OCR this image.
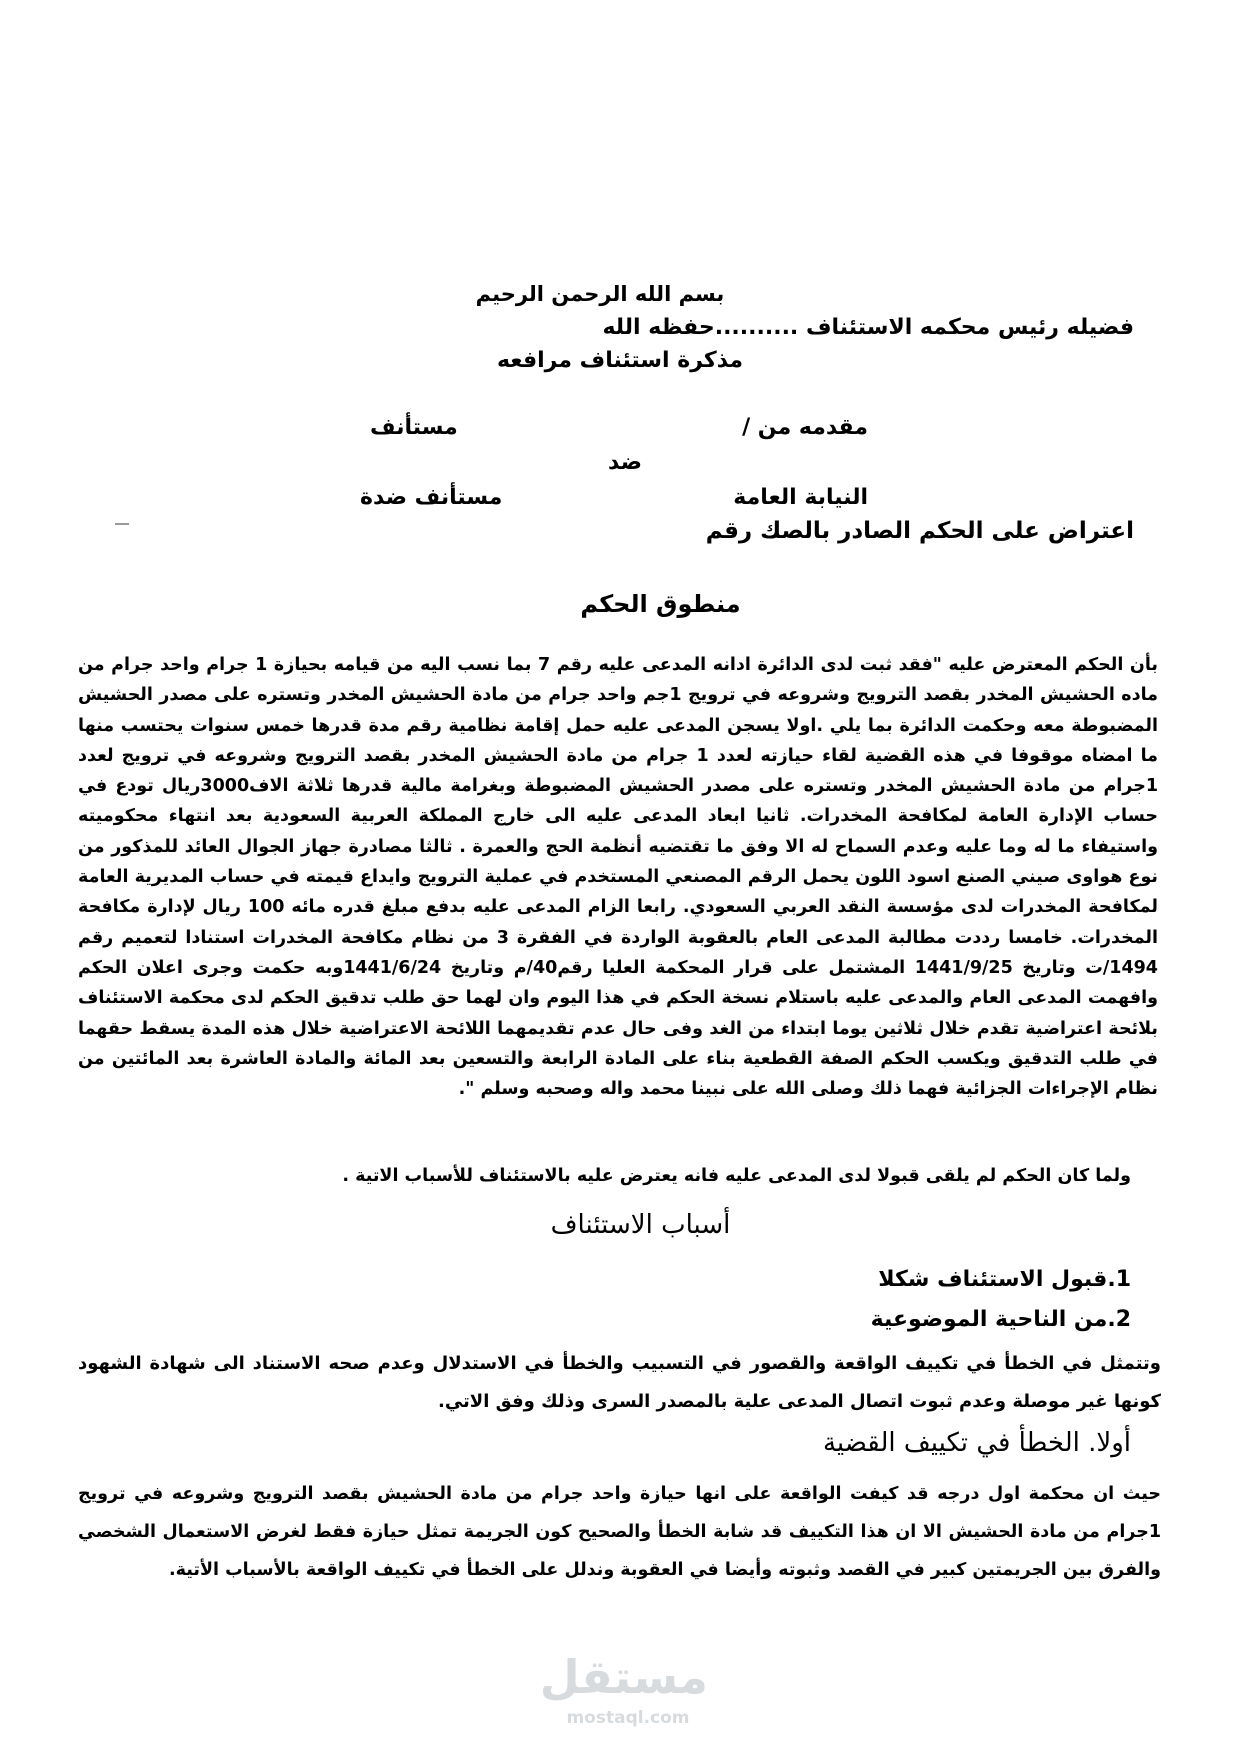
بسم الله الرحمن الرحيم
فضيله رئيس محكمه الاستئناف ..........حفظه الله
مذكرة استئناف مرافعه
مقدمه من /
مستأنف
ضد
النيابة العامة
مستأنف ضدة
اعتراض على الحكم الصادر بالصك رقم
منطوق الحكم
بأن الحكم المعترض عليه "فقد ثبت لدى الدائرة ادانه المدعى عليه رقم 7 بما نسب اليه من قيامه بحيازة 1 جرام واحد جرام من ماده الحشيش المخدر بقصد الترويج وشروعه في ترويج 1جم واحد جرام من مادة الحشيش المخدر وتستره على مصدر الحشيش المضبوطة معه وحكمت الدائرة بما يلي .اولا يسجن المدعى عليه حمل إقامة نظامية رقم مدة قدرها خمس سنوات يحتسب منها ما امضاه موقوفا في هذه القضية لقاء حيازته لعدد 1 جرام من مادة الحشيش المخدر بقصد الترويج وشروعه في ترويج لعدد 1جرام من مادة الحشيش المخدر وتستره على مصدر الحشيش المضبوطة وبغرامة مالية قدرها ثلاثة الاف3000ريال تودع في حساب الإدارة العامة لمكافحة المخدرات. ثانيا ابعاد المدعى عليه الى خارج المملكة العربية السعودية بعد انتهاء محكوميته واستيفاء ما له وما عليه وعدم السماح له الا وفق ما تقتضيه أنظمة الحج والعمرة . ثالثا مصادرة جهاز الجوال العائد للمذكور من نوع هواوى صيني الصنع اسود اللون يحمل الرقم المصنعي المستخدم في عملية الترويج وايداع قيمته في حساب المديرية العامة لمكافحة المخدرات لدى مؤسسة النقد العربي السعودي. رابعا الزام المدعى عليه بدفع مبلغ قدره مائه 100 ريال لإدارة مكافحة المخدرات. خامسا رددت مطالبة المدعى العام بالعقوبة الواردة في الفقرة 3 من نظام مكافحة المخدرات استنادا لتعميم رقم 1494/ت وتاريخ 1441/9/25 المشتمل على قرار المحكمة العليا رقم40/م وتاريخ 1441/6/24وبه حكمت وجرى اعلان الحكم وافهمت المدعى العام والمدعى عليه باستلام نسخة الحكم في هذا اليوم وان لهما حق طلب تدقيق الحكم لدى محكمة الاستئناف بلائحة اعتراضية تقدم خلال ثلاثين يوما ابتداء من الغد وفى حال عدم تقديمهما اللائحة الاعتراضية خلال هذه المدة يسقط حقهما في طلب التدقيق ويكسب الحكم الصفة القطعية بناء على المادة الرابعة والتسعين بعد المائة والمادة العاشرة بعد المائتين من نظام الإجراءات الجزائية فهما ذلك وصلى الله على نبينا محمد واله وصحبه وسلم ".
ولما كان الحكم لم يلقى قبولا لدى المدعى عليه فانه يعترض عليه بالاستئناف للأسباب الاتية .
أسباب الاستئناف
1.قبول الاستئناف شكلا
2.من الناحية الموضوعية
وتتمثل في الخطأ في تكييف الواقعة والقصور في التسبيب والخطأ في الاستدلال وعدم صحه الاستناد الى شهادة الشهود كونها غير موصلة وعدم ثبوت اتصال المدعى علية بالمصدر السرى وذلك وفق الاتي.
أولا. الخطأ في تكييف القضية
حيث ان محكمة اول درجه قد كيفت الواقعة على انها حيازة واحد جرام من مادة الحشيش بقصد الترويج وشروعه في ترويج 1جرام من مادة الحشيش الا ان هذا التكييف قد شابة الخطأ والصحيح كون الجريمة تمثل حيازة فقط لغرض الاستعمال الشخصي والفرق بين الجريمتين كبير في القصد وثبوته وأيضا في العقوبة وندلل على الخطأ في تكييف الواقعة بالأسباب الأتية.
مستقل
mostaql.com
